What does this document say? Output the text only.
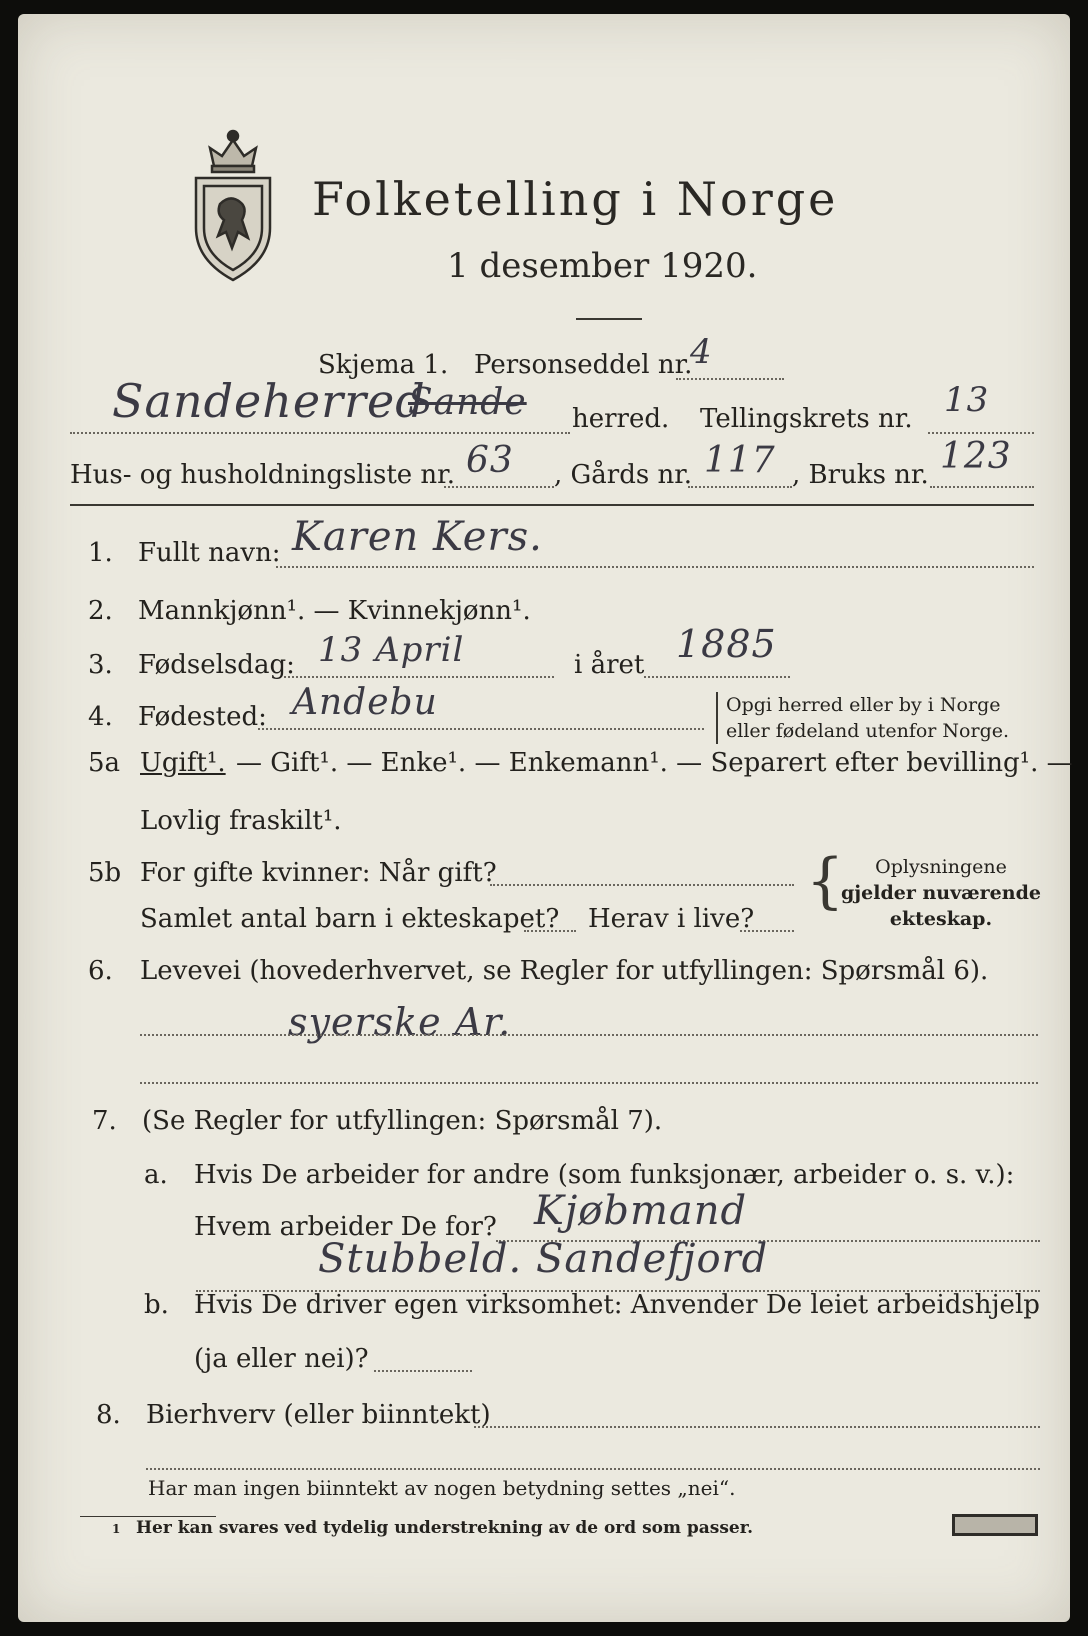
Folketelling i Norge
1 desember 1920.
Skjema 1. Personseddel nr.
4
Sandeherred
Sande herred. Tellingskrets nr. 13
Hus- og husholdningsliste nr. 63 , Gårds nr. 117 , Bruks nr. 123
1. Fullt navn: Karen Kers.
2. Mannkjønn¹. — Kvinnekjønn¹.
3. Fødselsdag: 13 April	i året 1885
4. Fødested: Andebu	Opgi herred eller by i Norge
eller fødeland utenfor Norge.
5a Ugift¹. — Gift¹. — Enke¹. — Enkemann¹. — Separert efter bevilling¹. —
Lovlig fraskilt¹.
5b For gifte kvinner: Når gift?
Samlet antal barn i ekteskapet? Herav i live?
{	Oplysningene
gjelder nuværende
ekteskap.
6. Levevei (hovederhvervet, se Regler for utfyllingen: Spørsmål 6).
syerske Ar.
7. (Se Regler for utfyllingen: Spørsmål 7).
a. Hvis De arbeider for andre (som funksjonær, arbeider o. s. v.):
Hvem arbeider De for? Kjøbmand
Stubbeld. Sandefjord
b. Hvis De driver egen virksomhet: Anvender De leiet arbeidshjelp
(ja eller nei)?
8. Bierhverv (eller biinntekt)
Har man ingen biinntekt av nogen betydning settes „nei“.
1 Her kan svares ved tydelig understrekning av de ord som passer.
